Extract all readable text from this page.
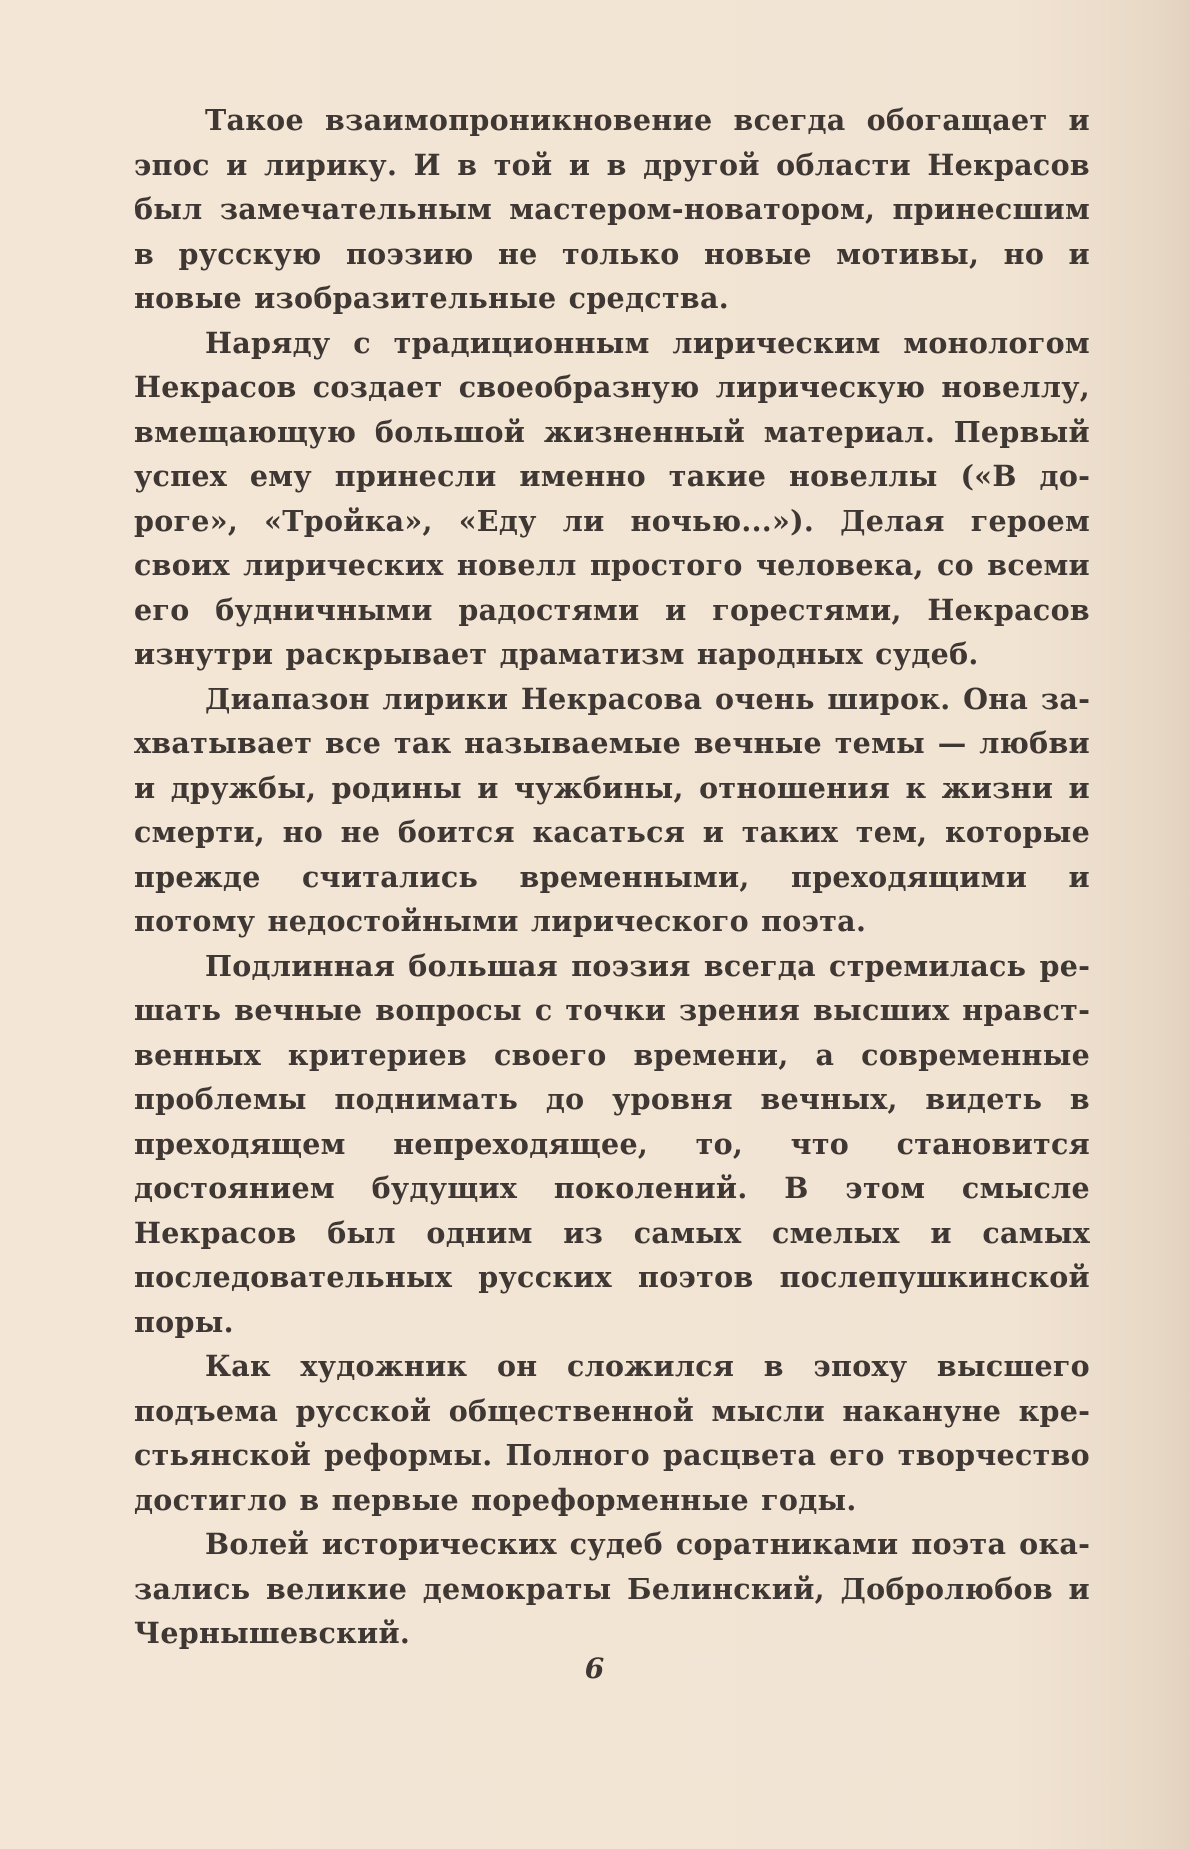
Такое взаимопроникновение всегда обогащает и эпос и лирику. И в той и в другой области Некрасов был замечательным мастером-новатором, принесшим в русскую поэзию не только новые мотивы, но и новые изобразительные средства.

Наряду с традиционным лирическим монологом Некрасов создает своеобразную лирическую новеллу, вмещающую большой жизненный материал. Первый успех ему принесли именно такие новеллы («В дороге», «Тройка», «Еду ли ночью...»). Делая героем своих лирических новелл простого человека, со всеми его будничными радостями и горестями, Некрасов изнутри раскрывает драматизм народных судеб.

Диапазон лирики Некрасова очень широк. Она захватывает все так называемые вечные темы — любви и дружбы, родины и чужбины, отношения к жизни и смерти, но не боится касаться и таких тем, которые прежде считались временными, преходящими и потому недостойными лирического поэта.

Подлинная большая поэзия всегда стремилась решать вечные вопросы с точки зрения высших нравственных критериев своего времени, а современные проблемы поднимать до уровня вечных, видеть в преходящем непреходящее, то, что становится достоянием будущих поколений. В этом смысле Некрасов был одним из самых смелых и самых последовательных русских поэтов послепушкинской поры.

Как художник он сложился в эпоху высшего подъема русской общественной мысли накануне крестьянской реформы. Полного расцвета его творчество достигло в первые пореформенные годы.

Волей исторических судеб соратниками поэта оказались великие демократы Белинский, Добролюбов и Чернышевский.

6
